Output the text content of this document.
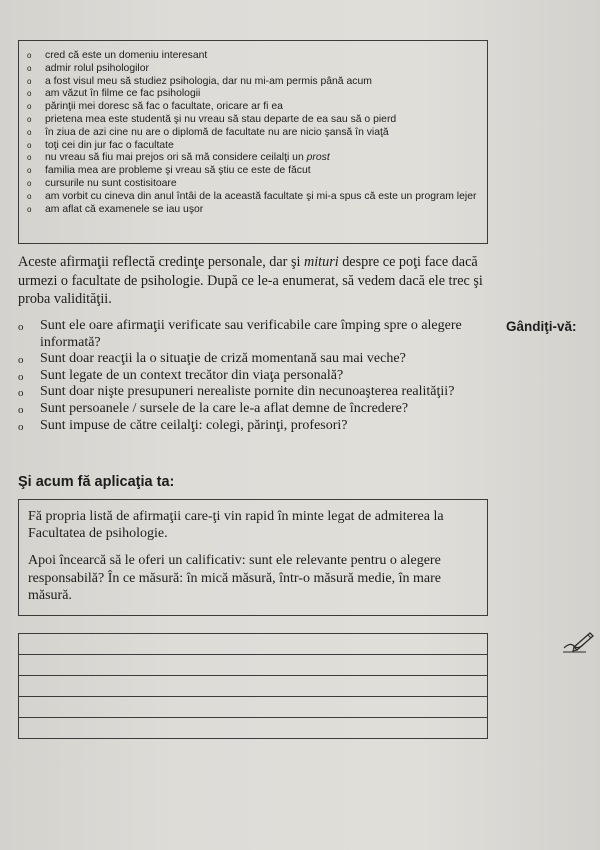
o cred că este un domeniu interesant
o admir rolul psihologilor
o a fost visul meu să studiez psihologia, dar nu mi-am permis până acum
o am văzut în filme ce fac psihologii
o părinţii mei doresc să fac o facultate, oricare ar fi ea
o prietena mea este studentă şi nu vreau să stau departe de ea sau să o pierd
o în ziua de azi cine nu are o diplomă de facultate nu are nicio şansă în viaţă
o toţi cei din jur fac o facultate
o nu vreau să fiu mai prejos ori să mă considere ceilalţi un prost
o familia mea are probleme şi vreau să ştiu ce este de făcut
o cursurile nu sunt costisitoare
o am vorbit cu cineva din anul întâi de la această facultate şi mi-a spus că este un program lejer
o am aflat că examenele se iau uşor

Aceste afirmaţii reflectă credinţe personale, dar şi mituri despre ce poţi face dacă urmezi o facultate de psihologie. După ce le-a enumerat, să vedem dacă ele trec şi proba validităţii.

o Sunt ele oare afirmaţii verificate sau verificabile care împing spre o alegere informată?
o Sunt doar reacţii la o situaţie de criză momentană sau mai veche?
o Sunt legate de un context trecător din viaţa personală?
o Sunt doar nişte presupuneri nerealiste pornite din necunoaşterea realităţii?
o Sunt persoanele / sursele de la care le-a aflat demne de încredere?
o Sunt impuse de către ceilalţi: colegi, părinţi, profesori?
Gândiţi-vă:
Şi acum fă aplicaţia ta:

Fă propria listă de afirmaţii care-ţi vin rapid în minte legat de admiterea la Facultatea de psihologie.

Apoi încearcă să le oferi un calificativ: sunt ele relevante pentru o alegere responsabilă? În ce măsură: în mică măsură, într-o măsură medie, în mare măsură.
